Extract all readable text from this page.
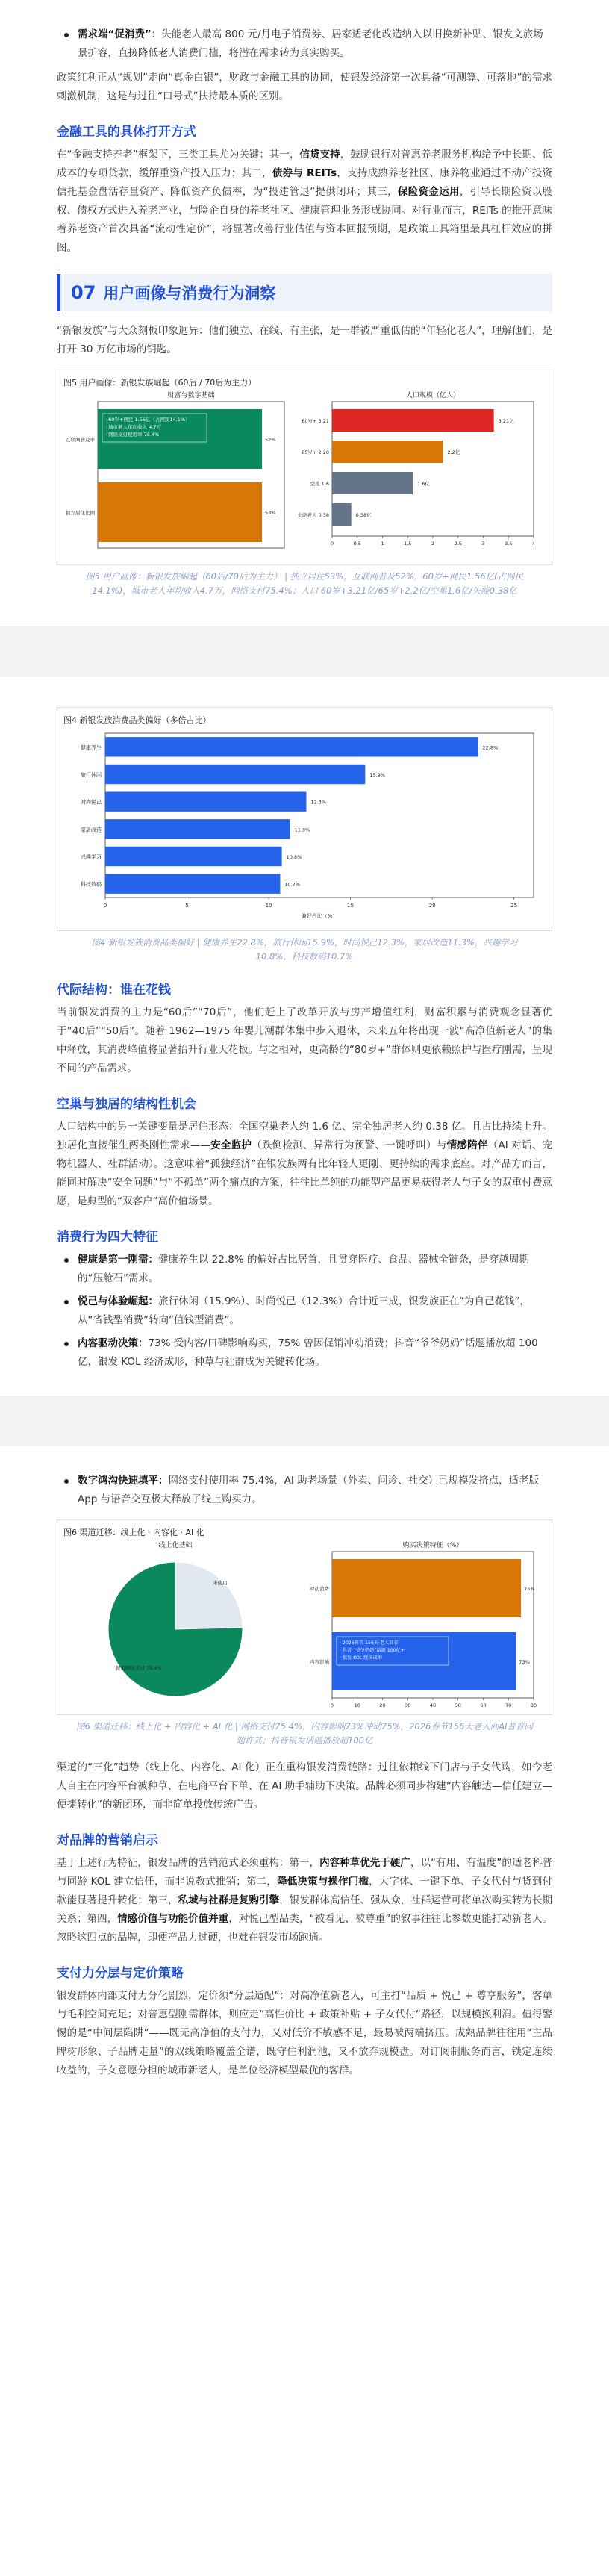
需求端“促消费”：失能老人最高 800 元/月电子消费券、居家适老化改造纳入以旧换新补贴、银发文旅场景扩容，直接降低老人消费门槛，将潜在需求转为真实购买。

政策红利正从“规划”走向“真金白银”，财政与金融工具的协同，使银发经济第一次具备“可测算、可落地”的需求刺激机制，这是与过往“口号式”扶持最本质的区别。

金融工具的具体打开方式

在“金融支持养老”框架下，三类工具尤为关键：其一，信贷支持，鼓励银行对普惠养老服务机构给予中长期、低成本的专项贷款，缓解重资产投入压力；其二，债券与 REITs，支持成熟养老社区、康养物业通过不动产投资信托基金盘活存量资产、降低资产负债率，为“投建管退”提供闭环；其三，保险资金运用，引导长期险资以股权、债权方式进入养老产业，与险企自身的养老社区、健康管理业务形成协同。对行业而言，REITs 的推开意味着养老资产首次具备“流动性定价”，将显著改善行业估值与资本回报预期，是政策工具箱里最具杠杆效应的拼图。

07 用户画像与消费行为洞察

“新银发族”与大众刻板印象迥异：他们独立、在线、有主张，是一群被严重低估的“年轻化老人”，理解他们，是打开 30 万亿市场的钥匙。

图5 用户画像：新银发族崛起（60后 / 70后为主力）
财富与数字基础
互联网普及率	52%
· 60岁+网民 1.56亿（占网民14.1%）
· 城市老人年均收入 4.7万
· 网络支付使用率 75.4%
独立居住比例	53%
人口规模（亿人）
60岁+ 3.21	3.21亿
65岁+ 2.20	2.2亿
空巢 1.6	1.6亿
失能老人 0.38	0.38亿
0	0.5	1	1.5	2	2.5	3	3.5	4
图5 用户画像：新银发族崛起（60后/70后为主力） | 独立居住53%，互联网普及52%，60岁+网民1.56亿(占网民14.1%)，城市老人年均收入4.7万，网络支付75.4%；人口 60岁+3.21亿/65岁+2.2亿/空巢1.6亿/失能0.38亿
图4 新银发族消费品类偏好（多倍占比）
健康养生	22.8%
旅行休闲	15.9%
时尚悦己	12.3%
家居改造	11.3%
兴趣学习	10.8%
科技数码	10.7%
0	5	10	15	20	25
偏好占比（%）
图4 新银发族消费品类偏好 | 健康养生22.8%，旅行休闲15.9%，时尚悦己12.3%，家居改造11.3%，兴趣学习10.8%，科技数码10.7%
代际结构：谁在花钱

当前银发消费的主力是“60后”“70后”，他们赶上了改革开放与房产增值红利，财富积累与消费观念显著优于“40后”“50后”。随着 1962—1975 年婴儿潮群体集中步入退休，未来五年将出现一波“高净值新老人”的集中释放，其消费峰值将显著抬升行业天花板。与之相对，更高龄的“80岁+”群体则更依赖照护与医疗刚需，呈现不同的产品需求。

空巢与独居的结构性机会

人口结构中的另一关键变量是居住形态：全国空巢老人约 1.6 亿、完全独居老人约 0.38 亿。且占比持续上升。独居化直接催生两类刚性需求——安全监护（跌倒检测、异常行为预警、一键呼叫）与情感陪伴（AI 对话、宠物机器人、社群活动）。这意味着“孤独经济”在银发族两有比年轻人更刚、更持续的需求底座。对产品方而言，能同时解决“安全问题”与“不孤单”两个痛点的方案，往往比单纯的功能型产品更易获得老人与子女的双重付费意愿，是典型的“双客户”高价值场景。

消费行为四大特征
健康是第一刚需：健康养生以 22.8% 的偏好占比居首，且贯穿医疗、食品、器械全链条，是穿越周期的“压舱石”需求。
悦己与体验崛起：旅行休闲（15.9%）、时尚悦己（12.3%）合计近三成，银发族正在“为自己花钱”，从“省钱型消费”转向“值钱型消费”。
内容驱动决策：73% 受内容/口碑影响购买，75% 曾因促销冲动消费；抖音“爷爷奶奶”话题播放超 100 亿，银发 KOL 经济成形，种草与社群成为关键转化场。
数字鸿沟快速填平：网络支付使用率 75.4%，AI 助老场景（外卖、问诊、社交）已规模发挤点，适老版 App 与语音交互极大释放了线上购买力。
图6 渠道迁移：线上化 · 内容化 · AI 化
线上化基础
未使用
使用网络支付 75.4%
购买决策特征（%）
冲动消费	75%
内容影响	73%
· 2026春节 156天·老人回春
· 抖音 “爷爷奶奶”话题 100亿+
· 银发 KOL 经济成形
0	10	20	30	40	50	60	70	80
图6 渠道迁移：线上化 + 内容化 + AI 化 | 网络支付75.4%，内容影响73%冲动75%，2026春节156天老人回AI普普问题许其；抖音银发话题播放超100亿

渠道的“三化”趋势（线上化、内容化、AI 化）正在重构银发消费链路：过往依赖线下门店与子女代购，如今老人自主在内容平台被种草、在电商平台下单、在 AI 助手辅助下决策。品牌必须同步构建“内容触达—信任建立—便捷转化”的新闭环，而非简单投放传统广告。

对品牌的营销启示

基于上述行为特征，银发品牌的营销范式必须重构：第一，内容种草优先于硬广，以“有用、有温度”的适老科普与同龄 KOL 建立信任，而非说教式推销；第二，降低决策与操作门槛，大字体、一键下单、子女代付与货到付款能显著提升转化；第三，私域与社群是复购引擎，银发群体高信任、强从众，社群运营可将单次购买转为长期关系；第四，情感价值与功能价值并重，对悦己型品类，“被看见、被尊重”的叙事往往比参数更能打动新老人。忽略这四点的品牌，即便产品力过硬，也难在银发市场跑通。

支付力分层与定价策略

银发群体内部支付力分化剧烈，定价须“分层适配”：对高净值新老人，可主打“品质 + 悦己 + 尊享服务”，客单与毛利空间充足；对普惠型刚需群体，则应走“高性价比 + 政策补贴 + 子女代付”路径，以规模换利润。值得警惕的是“中间层陷阱”——既无高净值的支付力，又对低价不敏感不足，最易被两端挤压。成熟品牌往往用“主品牌树形象、子品牌走量”的双线策略覆盖全谱，既守住利润池，又不放弃规模盘。对订阅制服务而言，锁定连续收益的，子女意愿分担的城市新老人，是单位经济模型最优的客群。
